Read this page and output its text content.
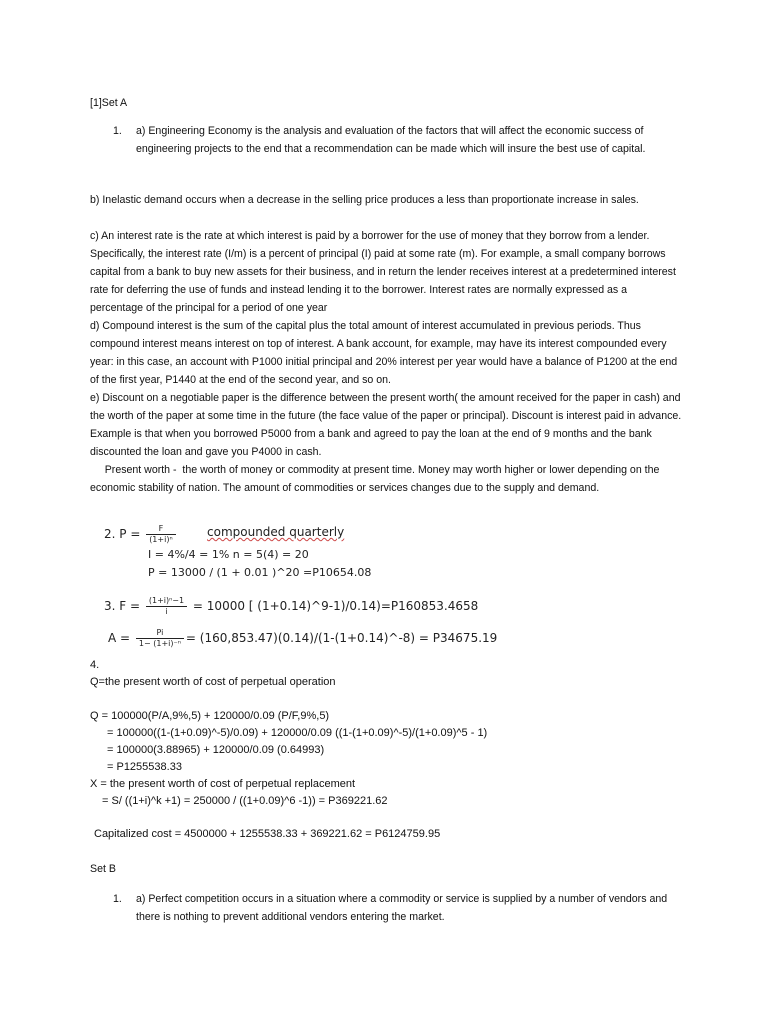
[1]Set A
1. a) Engineering Economy is the analysis and evaluation of the factors that will affect the economic success of engineering projects to the end that a recommendation can be made which will insure the best use of capital.
b) Inelastic demand occurs when a decrease in the selling price produces a less than proportionate increase in sales.
c) An interest rate is the rate at which interest is paid by a borrower for the use of money that they borrow from a lender. Specifically, the interest rate (I/m) is a percent of principal (I) paid at some rate (m). For example, a small company borrows capital from a bank to buy new assets for their business, and in return the lender receives interest at a predetermined interest rate for deferring the use of funds and instead lending it to the borrower. Interest rates are normally expressed as a percentage of the principal for a period of one year
d) Compound interest is the sum of the capital plus the total amount of interest accumulated in previous periods. Thus compound interest means interest on top of interest. A bank account, for example, may have its interest compounded every year: in this case, an account with P1000 initial principal and 20% interest per year would have a balance of P1200 at the end of the first year, P1440 at the end of the second year, and so on.
e) Discount on a negotiable paper is the difference between the present worth( the amount received for the paper in cash) and the worth of the paper at some time in the future (the face value of the paper or principal). Discount is interest paid in advance. Example is that when you borrowed P5000 from a bank and agreed to pay the loan at the end of 9 months and the bank discounted the loan and gave you P4000 in cash.
Present worth -  the worth of money or commodity at present time. Money may worth higher or lower depending on the economic stability of nation. The amount of commodities or services changes due to the supply and demand.
2. $P = \frac{F}{\text{(1+i)ⁿ}}$	compounded quarterly
I = 4%/4 = 1% n = 5(4) = 20
P = 13000 / (1 + 0.01 )^20 =P10654.08
3. $F = \frac{\text{(1+i)ⁿ−1}}{i} = 10000$ [ (1+0.14)^9-1)/0.14)=P160853.4658
$A = \frac{Pi}{\text{1− (1+i)⁻ⁿ}}$ = (160,853.47)(0.14)/(1-(1+0.14)^-8) = P34675.19
4.
Q=the present worth of cost of perpetual operation
Q = 100000(P/A,9%,5) + 120000/0.09 (P/F,9%,5)
= 100000((1-(1+0.09)^-5)/0.09) + 120000/0.09 ((1-(1+0.09)^-5)/(1+0.09)^5 - 1)
= 100000(3.88965) + 120000/0.09 (0.64993)
= P1255538.33
X = the present worth of cost of perpetual replacement
= S/ ((1+i)^k +1) = 250000 / ((1+0.09)^6 -1)) = P369221.62
Capitalized cost = 4500000 + 1255538.33 + 369221.62 = P6124759.95
Set B
1. a) Perfect competition occurs in a situation where a commodity or service is supplied by a number of vendors and there is nothing to prevent additional vendors entering the market.
